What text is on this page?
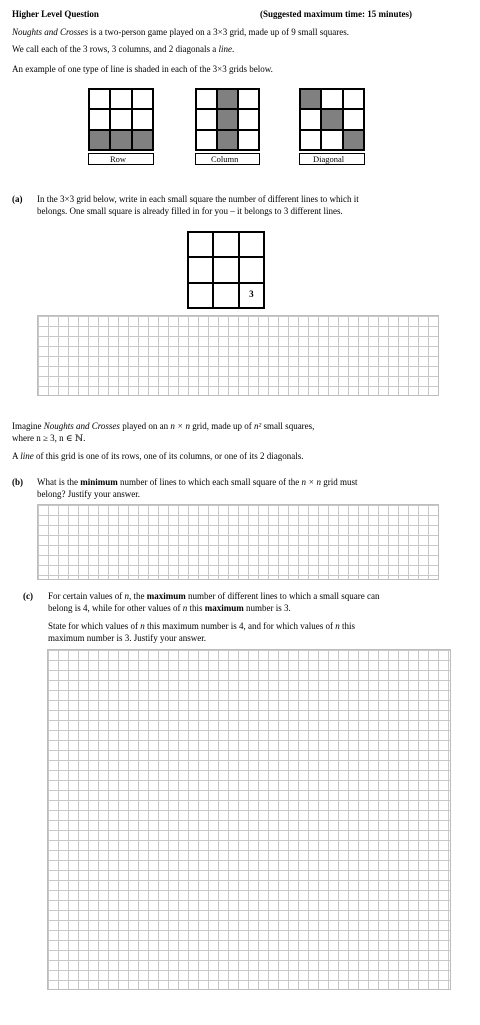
Higher Level Question	(Suggested maximum time: 15 minutes)
Noughts and Crosses is a two-person game played on a 3×3 grid, made up of 9 small squares.
We call each of the 3 rows, 3 columns, and 2 diagonals a line.
An example of one type of line is shaded in each of the 3×3 grids below.
Row	Column	Diagonal
(a) In the 3×3 grid below, write in each small square the number of different lines to which it
belongs. One small square is already filled in for you – it belongs to 3 different lines.
3
Imagine Noughts and Crosses played on an n × n grid, made up of n² small squares,
where n ≥ 3, n ∈ ℕ.
A line of this grid is one of its rows, one of its columns, or one of its 2 diagonals.
(b) What is the minimum number of lines to which each small square of the n × n grid must
belong? Justify your answer.
(c) For certain values of n, the maximum number of different lines to which a small square can
belong is 4, while for other values of n this maximum number is 3.
State for which values of n this maximum number is 4, and for which values of n this
maximum number is 3. Justify your answer.
